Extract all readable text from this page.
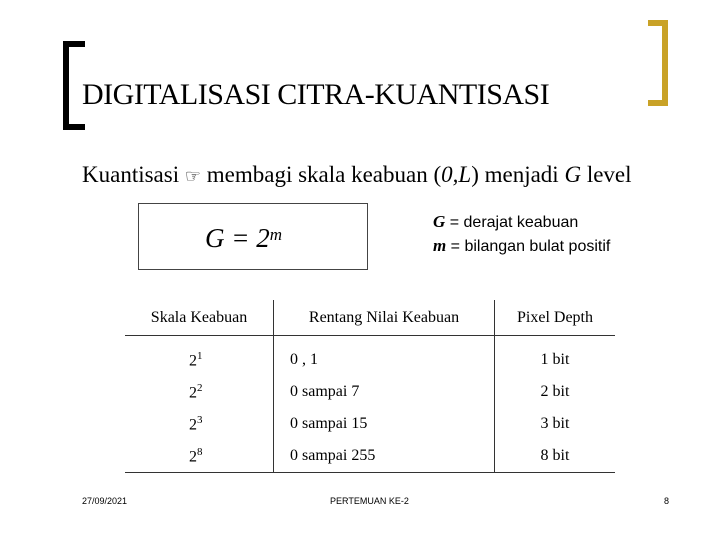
DIGITALISASI CITRA-KUANTISASI
Kuantisasi ☞ membagi skala keabuan (0,L) menjadi G level
$G = 2^m$
G = derajat keabuan
m = bilangan bulat positif
Skala Keabuan	Rentang Nilai Keabuan	Pixel Depth

$2^1$	0 , 1	1 bit
$2^2$	0 sampai 7	2 bit
$2^3$	0 sampai 15	3 bit
$2^8$	0 sampai 255	8 bit
27/09/2021	PERTEMUAN KE-2	8
